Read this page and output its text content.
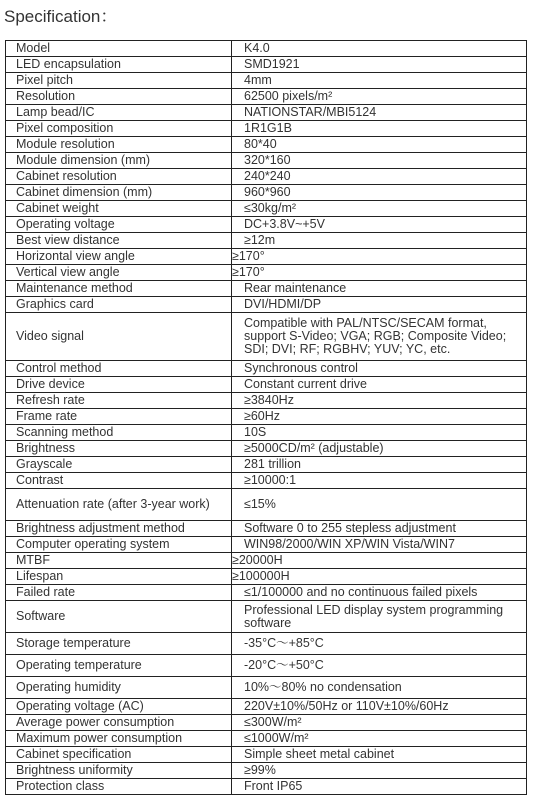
Specification：
Model	K4.0
LED encapsulation	SMD1921
Pixel pitch	4mm
Resolution	62500 pixels/m²
Lamp bead/IC	NATIONSTAR/MBI5124
Pixel composition	1R1G1B
Module resolution	80*40
Module dimension (mm)	320*160
Cabinet resolution	240*240
Cabinet dimension (mm)	960*960
Cabinet weight	≤30kg/m²
Operating voltage	DC+3.8V~+5V
Best view distance	≥12m
Horizontal view angle	≥170°
Vertical view angle	≥170°
Maintenance method	Rear maintenance
Graphics card	DVI/HDMI/DP
Video signal	Compatible with PAL/NTSC/SECAM format, support S-Video; VGA; RGB; Composite Video; SDI; DVI; RF; RGBHV; YUV; YC, etc.
Control method	Synchronous control
Drive device	Constant current drive
Refresh rate	≥3840Hz
Frame rate	≥60Hz
Scanning method	10S
Brightness	≥5000CD/m² (adjustable)
Grayscale	281 trillion
Contrast	≥10000:1
Attenuation rate (after 3-year work)	≤15%
Brightness adjustment method	Software 0 to 255 stepless adjustment
Computer operating system	WIN98/2000/WIN XP/WIN Vista/WIN7
MTBF	≥20000H
Lifespan	≥100000H
Failed rate	≤1/100000 and no continuous failed pixels
Software	Professional LED display system programming software
Storage temperature	-35°C～+85°C
Operating temperature	-20°C～+50°C
Operating humidity	10%～80% no condensation
Operating voltage (AC)	220V±10%/50Hz or 110V±10%/60Hz
Average power consumption	≤300W/m²
Maximum power consumption	≤1000W/m²
Cabinet specification	Simple sheet metal cabinet
Brightness uniformity	≥99%
Protection class	Front IP65
